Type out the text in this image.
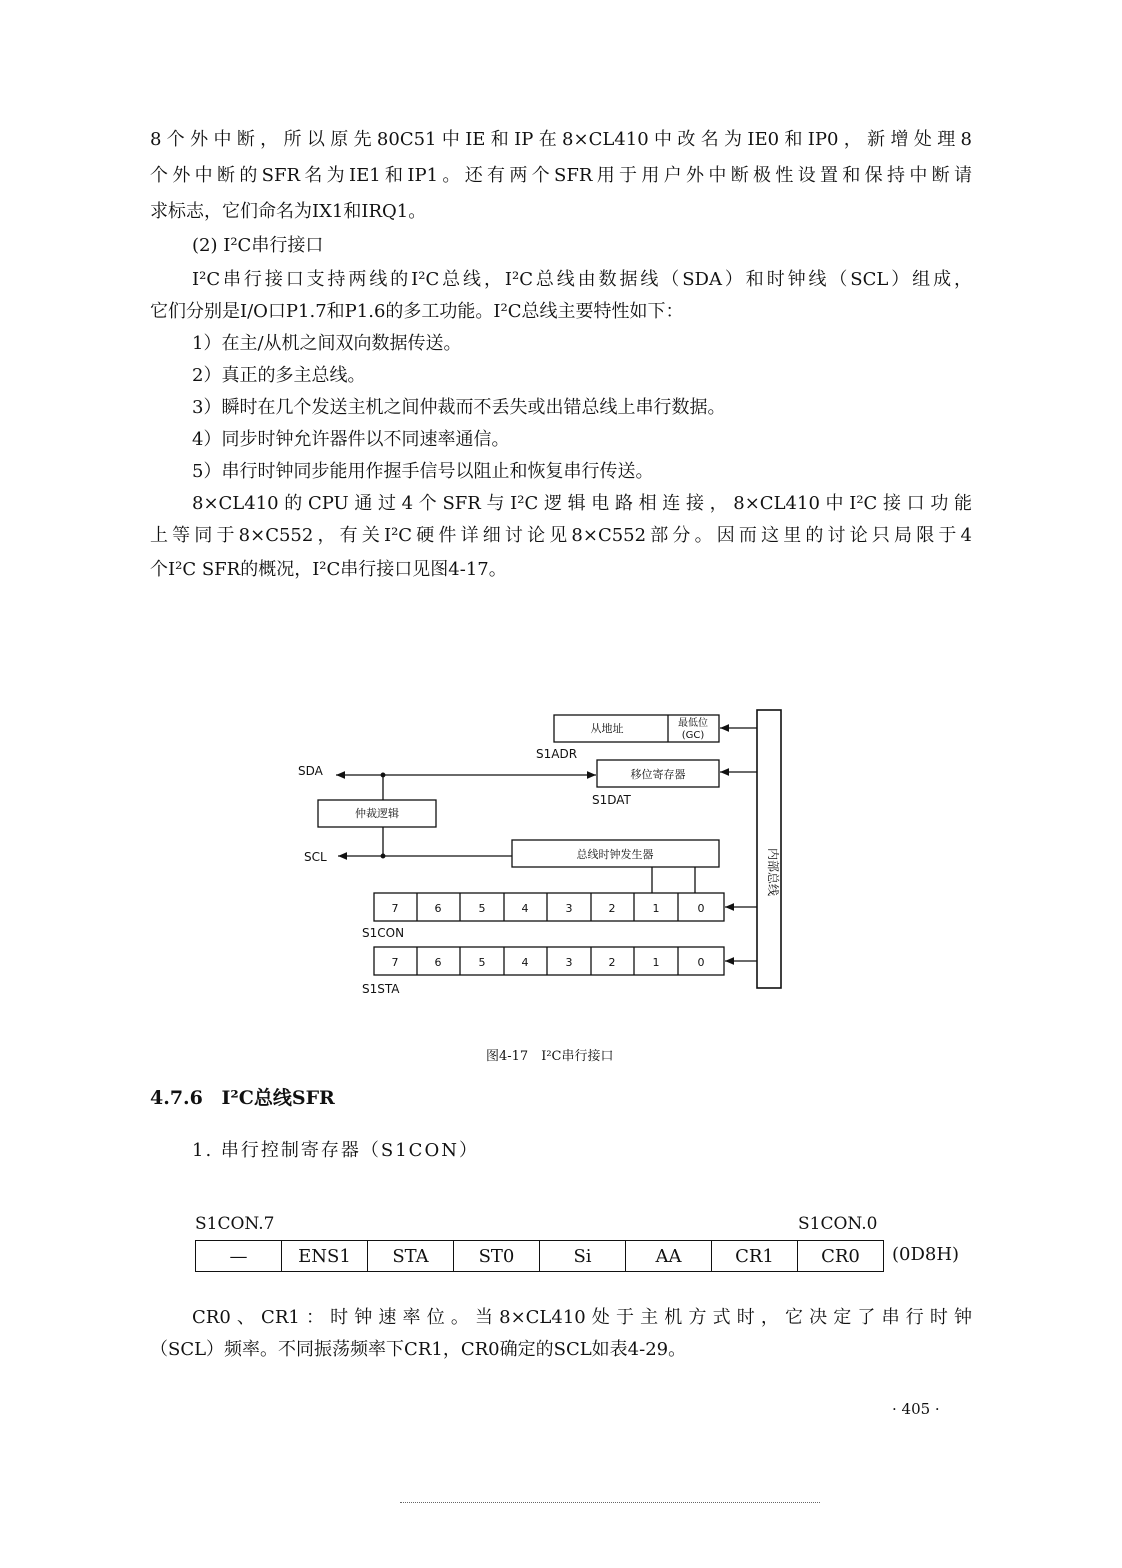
8个外中断，所以原先80C51中IE和IP在8×CL410中改名为IE0和IP0，新增处理8
个外中断的SFR名为IE1和IP1。还有两个SFR用于用户外中断极性设置和保持中断请
求标志，它们命名为IX1和IRQ1。
(2) I²C串行接口
I²C串行接口支持两线的I²C总线，I²C总线由数据线（SDA）和时钟线（SCL）组成，
它们分别是I/O口P1.7和P1.6的多工功能。I²C总线主要特性如下：
1）在主/从机之间双向数据传送。
2）真正的多主总线。
3）瞬时在几个发送主机之间仲裁而不丢失或出错总线上串行数据。
4）同步时钟允许器件以不同速率通信。
5）串行时钟同步能用作握手信号以阻止和恢复串行传送。
8×CL410的CPU通过4个SFR与I²C逻辑电路相连接，8×CL410中I²C接口功能
上等同于8×C552，有关I²C硬件详细讨论见8×C552部分。因而这里的讨论只局限于4
个I²C SFR的概况，I²C串行接口见图4-17。
内部总线
从地址	最低位
(GC)
S1ADR
移位寄存器
S1DAT
SDA
仲裁逻辑
SCL	总线时钟发生器
7	6	5	4	3	2	1	0
S1CON
7	6	5	4	3	2	1	0
S1STA
图4-17　I²C串行接口
4.7.6 I²C总线SFR
1. 串行控制寄存器（S1CON）
S1CON.7	S1CON.0
—	ENS1	STA	ST0	Si	AA	CR1	CR0 (0D8H)
CR0、CR1：时钟速率位。当8×CL410处于主机方式时，它决定了串行时钟
（SCL）频率。不同振荡频率下CR1，CR0确定的SCL如表4-29。
· 405 ·
